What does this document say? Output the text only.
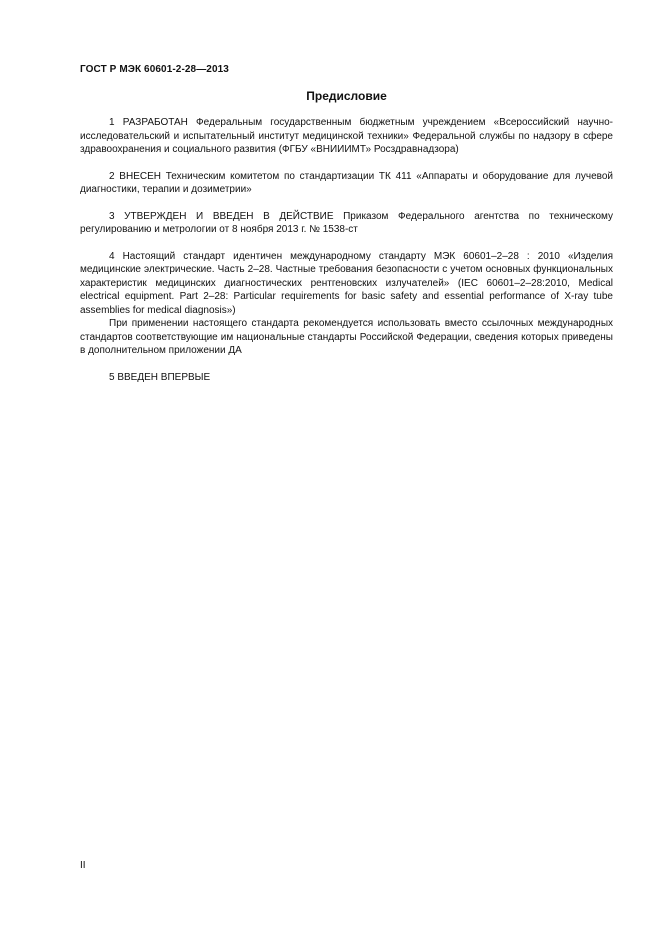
ГОСТ Р МЭК 60601-2-28—2013
Предисловие

1 РАЗРАБОТАН Федеральным государственным бюджетным учреждением «Всероссийский научно-исследовательский и испытательный институт медицинской техники» Федеральной службы по надзору в сфере здравоохранения и социального развития (ФГБУ «ВНИИИМТ» Росздравнадзора)

2 ВНЕСЕН Техническим комитетом по стандартизации ТК 411 «Аппараты и оборудование для лучевой диагностики, терапии и дозиметрии»

3 УТВЕРЖДЕН И ВВЕДЕН В ДЕЙСТВИЕ Приказом Федерального агентства по техническому регулированию и метрологии от 8 ноября 2013 г. № 1538-ст

4 Настоящий стандарт идентичен международному стандарту МЭК 60601–2–28 : 2010 «Изделия медицинские электрические. Часть 2–28. Частные требования безопасности с учетом основных функциональных характеристик медицинских диагностических рентгеновских излучателей» (IEC 60601–2–28:2010, Medical electrical equipment. Part 2–28: Particular requirements for basic safety and essential performance of X-ray tube assemblies for medical diagnosis»)

При применении настоящего стандарта рекомендуется использовать вместо ссылочных международных стандартов соответствующие им национальные стандарты Российской Федерации, сведения которых приведены в дополнительном приложении ДА

5 ВВЕДЕН ВПЕРВЫЕ

II
